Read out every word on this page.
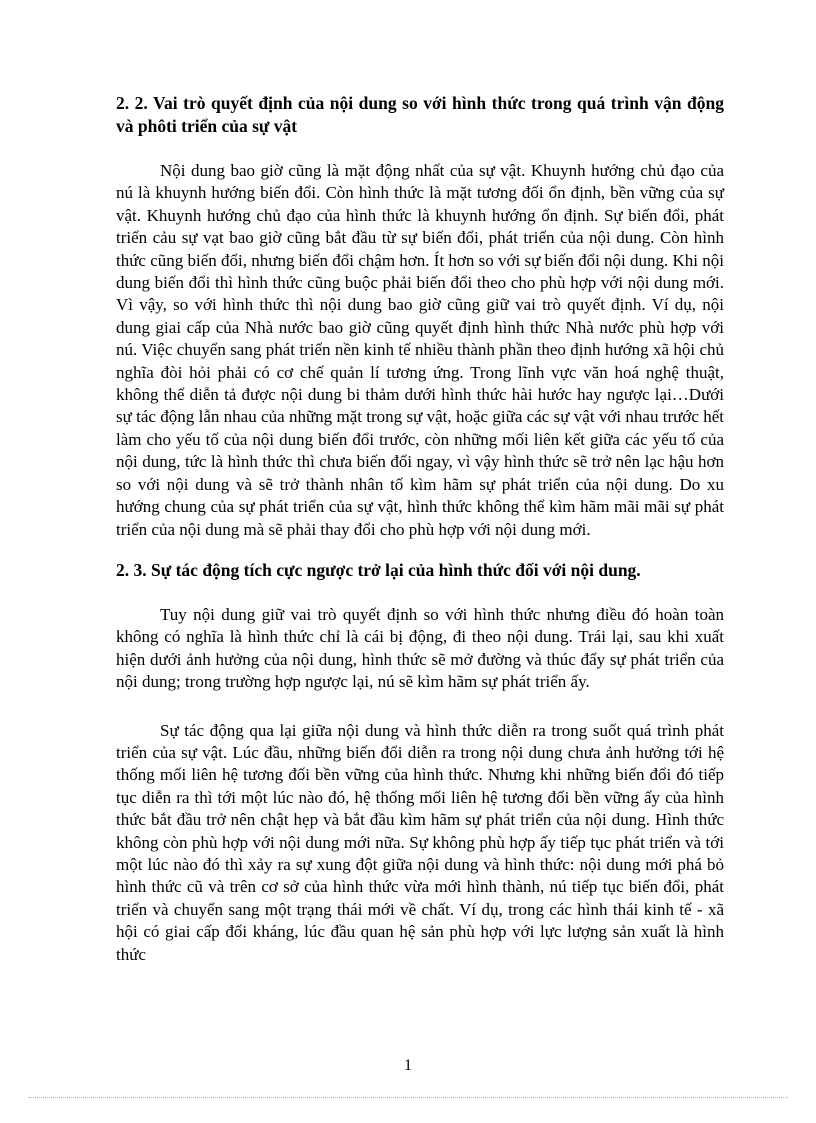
2. 2. Vai trò quyết định của nội dung so với hình thức trong quá trình vận động và phôti triển của sự vật

Nội dung bao giờ cũng là mặt động nhất của sự vật. Khuynh hướng chủ đạo của nú là khuynh hướng biến đổi. Còn hình thức là mặt tương đối ổn định, bền vững của sự vật. Khuynh hướng chủ đạo của hình thức là khuynh hướng ổn định. Sự biến đổi, phát triển cảu sự vạt bao giờ cũng bắt đầu từ sự biến đổi, phát triển của nội dung. Còn hình thức cũng biến đổi, nhưng biến đổi chậm hơn. Ít hơn so với sự biến đổi nội dung. Khi nội dung biến đổi thì hình thức cũng buộc phải biến đổi theo cho phù hợp với nội dung mới. Vì vậy, so với hình thức thì nội dung bao giờ cũng giữ vai trò quyết định. Ví dụ, nội dung giai cấp của Nhà nước bao giờ cũng quyết định hình thức Nhà nước phù hợp với nú. Việc chuyển sang phát triển nền kinh tế nhiều thành phần theo định hướng xã hội chủ nghĩa đòi hỏi phải có cơ chế quản lí tương ứng. Trong lĩnh vực văn hoá nghệ thuật, không thể diễn tả được nội dung bi thảm dưới hình thức hài hước hay ngược lại…Dưới sự tác động lẫn nhau của những mặt trong sự vật, hoặc giữa các sự vật với nhau trước hết làm cho yếu tố của nội dung biến đổi trước, còn những mối liên kết giữa các yếu tố của nội dung, tức là hình thức thì chưa biến đổi ngay, vì vậy hình thức sẽ trở nên lạc hậu hơn so với nội dung và sẽ trở thành nhân tố kìm hãm sự phát triển của nội dung. Do xu hướng chung của sự phát triển của sự vật, hình thức không thể kìm hãm mãi mãi sự phát triển của nội dung mà sẽ phải thay đổi cho phù hợp với nội dung mới.

2. 3. Sự tác động tích cực ngược trở lại của hình thức đối với nội dung.

Tuy nội dung giữ vai trò quyết định so với hình thức nhưng điều đó hoàn toàn không có nghĩa là hình thức chỉ là cái bị động, đi theo nội dung. Trái lại, sau khi xuất hiện dưới ảnh hưởng của nội dung, hình thức sẽ mở đường và thúc đẩy sự phát triển của nội dung; trong trường hợp ngược lại, nú sẽ kìm hãm sự phát triển ấy.

Sự tác động qua lại giữa nội dung và hình thức diễn ra trong suốt quá trình phát triển của sự vật. Lúc đầu, những biến đổi diễn ra trong nội dung chưa ảnh hưởng tới hệ thống mối liên hệ tương đối bền vững của hình thức. Nhưng khi những biến đổi đó tiếp tục diễn ra thì tới một lúc nào đó, hệ thống mối liên hệ tương đối bền vững ấy của hình thức bắt đầu trở nên chật hẹp và bắt đầu kìm hãm sự phát triển của nội dung. Hình thức không còn phù hợp với nội dung mới nữa. Sự không phù hợp ấy tiếp tục phát triển và tới một lúc nào đó thì xảy ra sự xung đột giữa nội dung và hình thức: nội dung mới phá bỏ hình thức cũ và trên cơ sở của hình thức vừa mới hình thành, nú tiếp tục biến đổi, phát triển và chuyển sang một trạng thái mới về chất. Ví dụ, trong các hình thái kinh tế - xã hội có giai cấp đối kháng, lúc đầu quan hệ sản phù hợp với lực lượng sản xuất là hình thức

1
